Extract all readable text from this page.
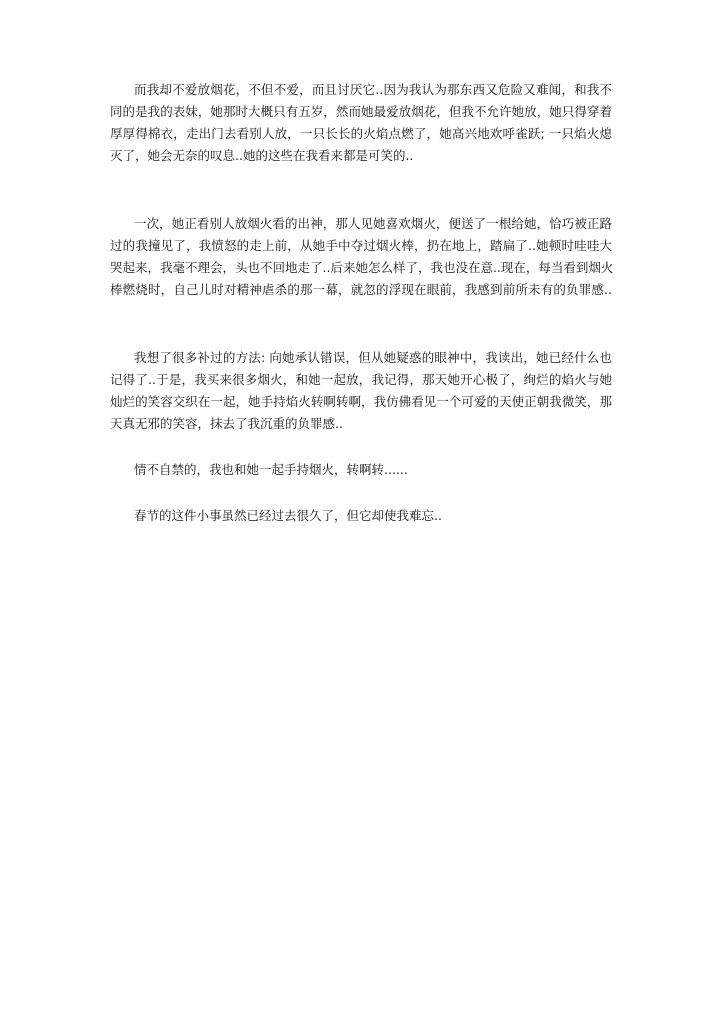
而我却不爱放烟花，不但不爱，而且讨厌它..因为我认为那东西又危险又难闻，和我不
同的是我的表妹，她那时大概只有五岁，然而她最爱放烟花，但我不允许她放，她只得穿着
厚厚得棉衣，走出门去看别人放，一只长长的火焰点燃了，她高兴地欢呼雀跃; 一只焰火熄
灭了，她会无奈的叹息..她的这些在我看来都是可笑的..
一次，她正看别人放烟火看的出神，那人见她喜欢烟火，便送了一根给她，恰巧被正路
过的我撞见了，我愤怒的走上前，从她手中夺过烟火棒，扔在地上，踏扁了..她顿时哇哇大
哭起来，我毫不理会，头也不回地走了..后来她怎么样了，我也没在意..现在，每当看到烟火
棒燃烧时，自己儿时对精神虐杀的那一幕，就忽的浮现在眼前，我感到前所未有的负罪感..
我想了很多补过的方法: 向她承认错误，但从她疑惑的眼神中，我读出，她已经什么也
记得了..于是，我买来很多烟火，和她一起放，我记得，那天她开心极了，绚烂的焰火与她
灿烂的笑容交织在一起，她手持焰火转啊转啊，我仿佛看见一个可爱的天使正朝我微笑，那
天真无邪的笑容，抹去了我沉重的负罪感..
情不自禁的，我也和她一起手持烟火，转啊转......
春节的这件小事虽然已经过去很久了，但它却使我难忘..
